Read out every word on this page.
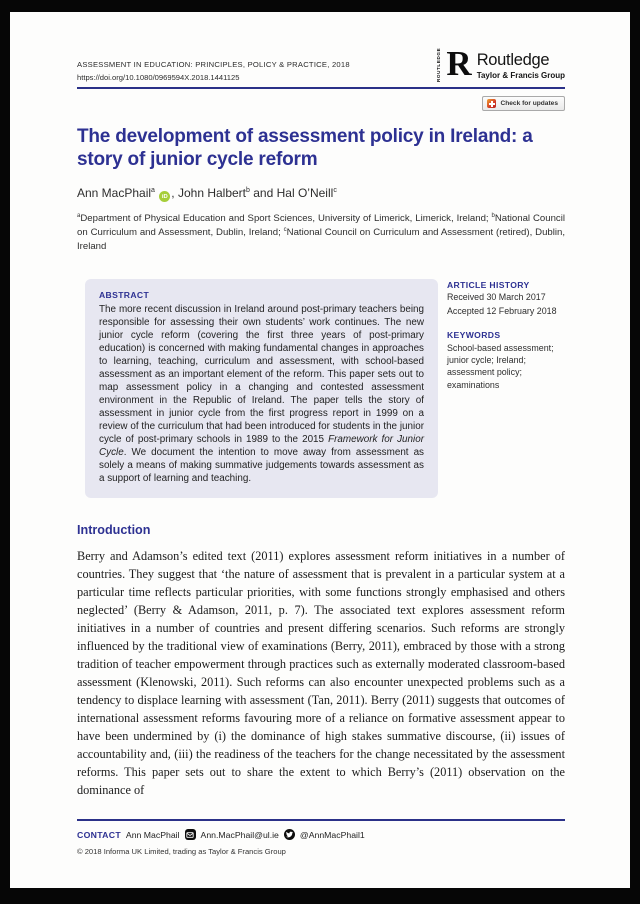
ASSESSMENT IN EDUCATION: PRINCIPLES, POLICY & PRACTICE, 2018
https://doi.org/10.1080/0969594X.2018.1441125	ROUTLEDGE R Routledge
Taylor & Francis Group
Check for updates
The development of assessment policy in Ireland: a story of junior cycle reform
Ann MacPhail$^a$ iD , John Halbert$^b$ and Hal O’Neill$^c$
$^a$Department of Physical Education and Sport Sciences, University of Limerick, Limerick, Ireland; $^b$National Council on Curriculum and Assessment, Dublin, Ireland; $^c$National Council on Curriculum and Assessment (retired), Dublin, Ireland
ABSTRACT
The more recent discussion in Ireland around post-primary teachers being responsible for assessing their own students’ work continues. The new junior cycle reform (covering the first three years of post-primary education) is concerned with making fundamental changes in approaches to learning, teaching, curriculum and assessment, with school-based assessment as an important element of the reform. This paper sets out to map assessment policy in a changing and contested assessment environment in the Republic of Ireland. The paper tells the story of assessment in junior cycle from the first progress report in 1999 on a review of the curriculum that had been introduced for students in the junior cycle of post-primary schools in 1989 to the 2015 Framework for Junior Cycle. We document the intention to move away from assessment as solely a means of making summative judgements towards assessment as a support of learning and teaching.
ARTICLE HISTORY
Received 30 March 2017
Accepted 12 February 2018
KEYWORDS
School-based assessment; junior cycle; Ireland; assessment policy; examinations
Introduction
Berry and Adamson’s edited text (2011) explores assessment reform initiatives in a number of countries. They suggest that ‘the nature of assessment that is prevalent in a particular system at a particular time reflects particular priorities, with some functions strongly emphasised and others neglected’ (Berry & Adamson, 2011, p. 7). The associated text explores assessment reform initiatives in a number of countries and present differing scenarios. Such reforms are strongly influenced by the traditional view of examinations (Berry, 2011), embraced by those with a strong tradition of teacher empowerment through practices such as externally moderated classroom-based assessment (Klenowski, 2011). Such reforms can also encounter unexpected problems such as a tendency to displace learning with assessment (Tan, 2011). Berry (2011) suggests that outcomes of international assessment reforms favouring more of a reliance on formative assessment appear to have been undermined by (i) the dominance of high stakes summative discourse, (ii) issues of accountability and, (iii) the readiness of the teachers for the change necessitated by the assessment reforms. This paper sets out to share the extent to which Berry’s (2011) observation on the dominance of
CONTACT Ann MacPhail Ann.MacPhail@ul.ie @AnnMacPhail1
© 2018 Informa UK Limited, trading as Taylor & Francis Group
